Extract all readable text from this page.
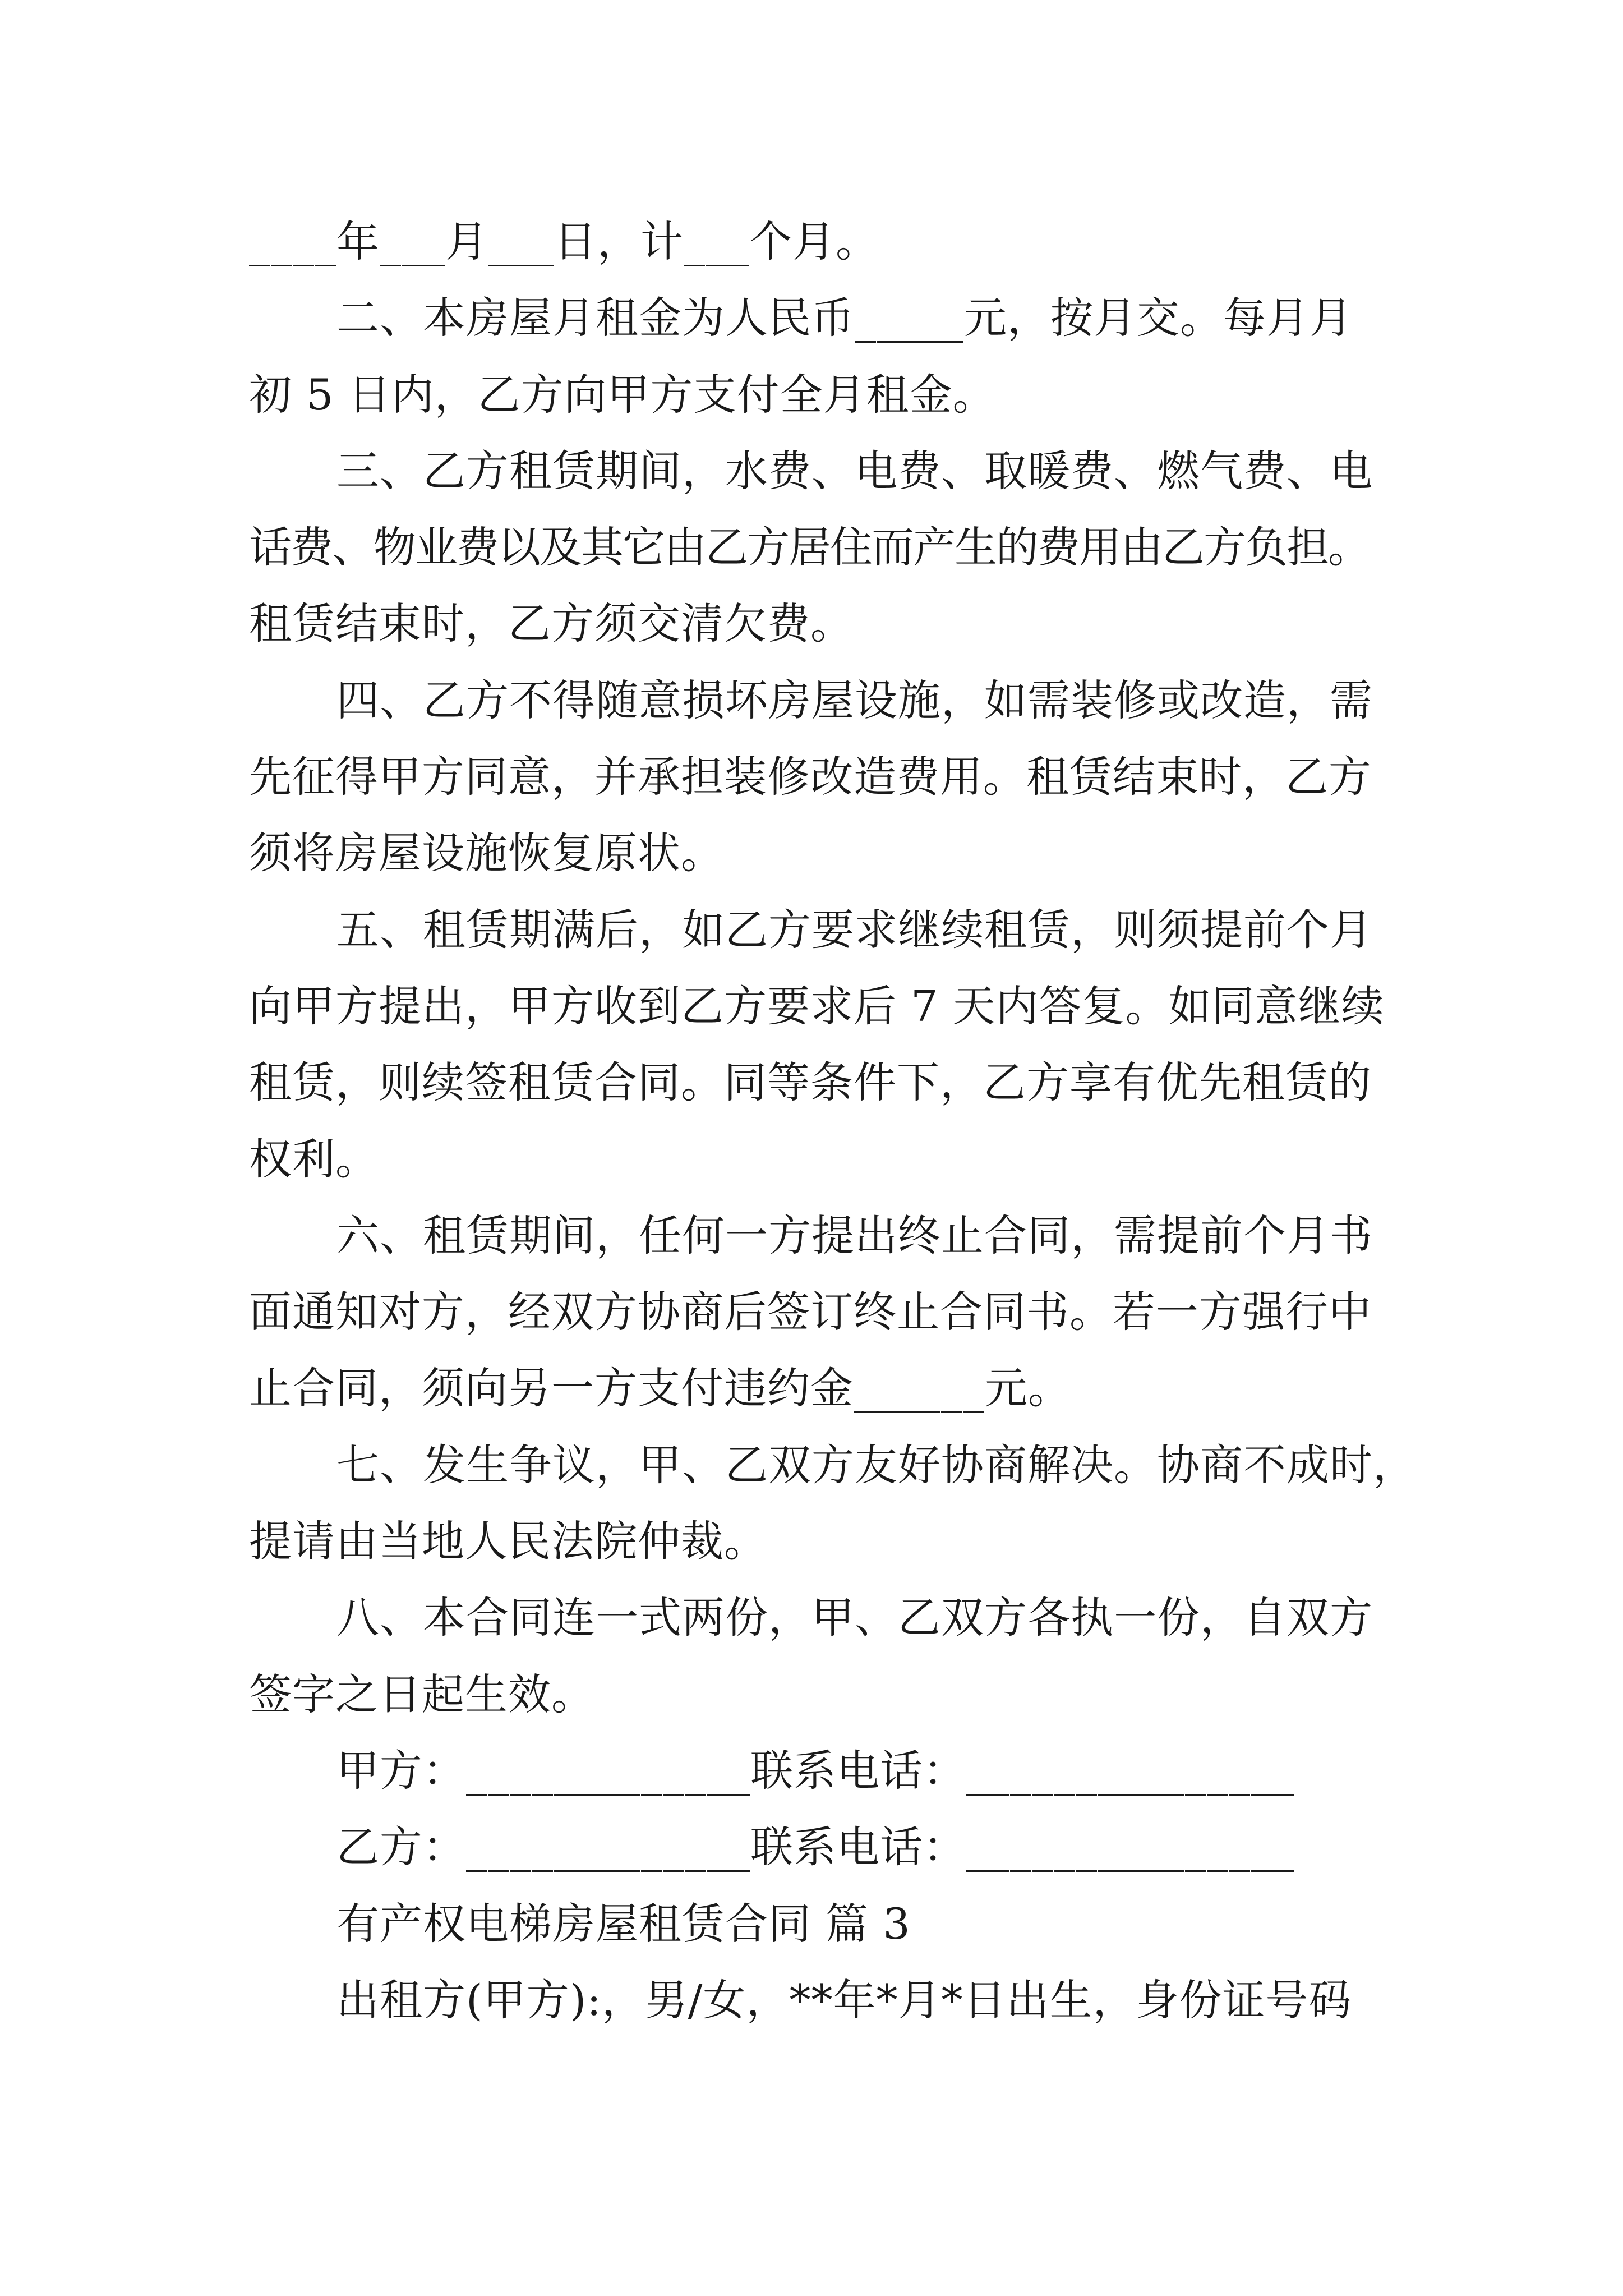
____年___月___日，计___个月。
二、本房屋月租金为人民币_____元，按月交。每月月
初 5 日内，乙方向甲方支付全月租金。
三、乙方租赁期间，水费、电费、取暖费、燃气费、电
话费、物业费以及其它由乙方居住而产生的费用由乙方负担。
租赁结束时，乙方须交清欠费。
四、乙方不得随意损坏房屋设施，如需装修或改造，需
先征得甲方同意，并承担装修改造费用。租赁结束时，乙方
须将房屋设施恢复原状。
五、租赁期满后，如乙方要求继续租赁，则须提前个月
向甲方提出，甲方收到乙方要求后 7 天内答复。如同意继续
租赁，则续签租赁合同。同等条件下，乙方享有优先租赁的
权利。
六、租赁期间，任何一方提出终止合同，需提前个月书
面通知对方，经双方协商后签订终止合同书。若一方强行中
止合同，须向另一方支付违约金______元。
七、发生争议，甲、乙双方友好协商解决。协商不成时，
提请由当地人民法院仲裁。
八、本合同连一式两份，甲、乙双方各执一份，自双方
签字之日起生效。
甲方：_____________联系电话：_______________
乙方：_____________联系电话：_______________
有产权电梯房屋租赁合同 篇 3
出租方(甲方):，男/女，**年*月*日出生，身份证号码
